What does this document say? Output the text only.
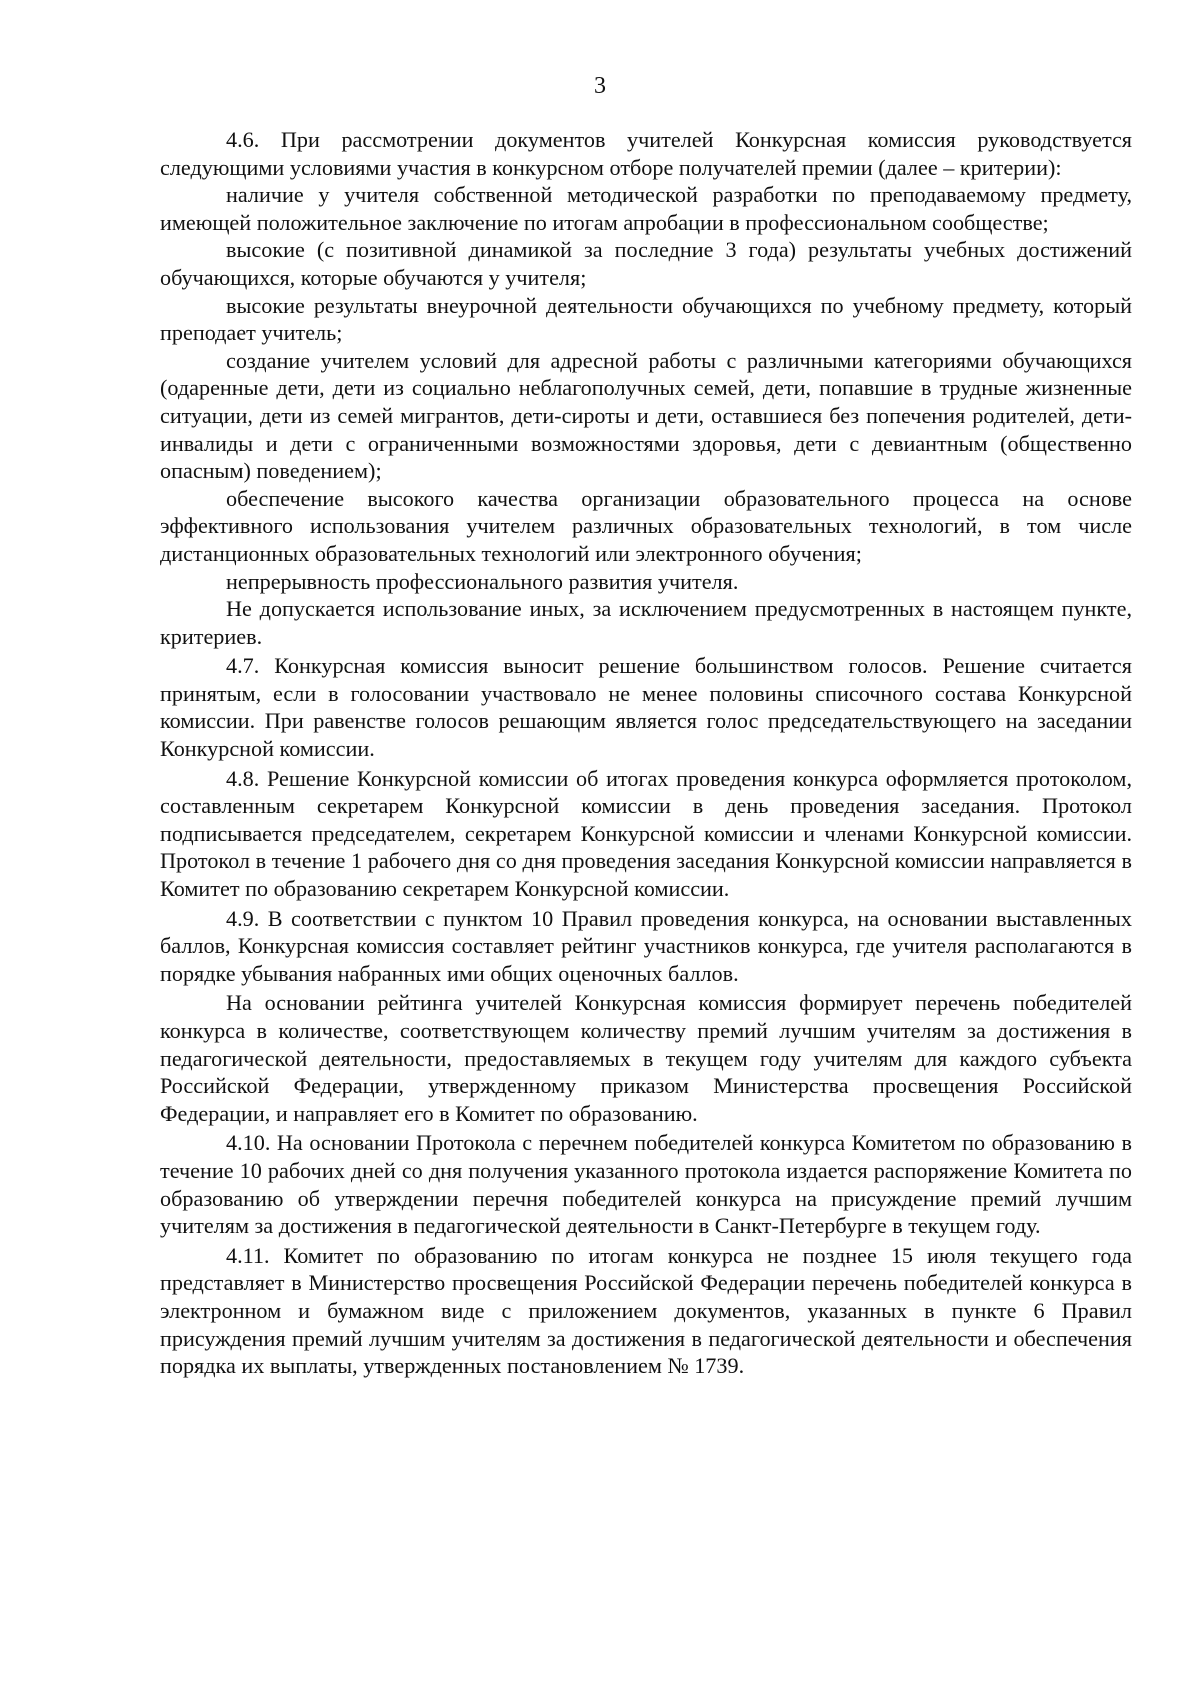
3

4.6. При рассмотрении документов учителей Конкурсная комиссия руководствуется следующими условиями участия в конкурсном отборе получателей премии (далее – критерии):

наличие у учителя собственной методической разработки по преподаваемому предмету, имеющей положительное заключение по итогам апробации в профессиональном сообществе;

высокие (с позитивной динамикой за последние 3 года) результаты учебных достижений обучающихся, которые обучаются у учителя;

высокие результаты внеурочной деятельности обучающихся по учебному предмету, который преподает учитель;

создание учителем условий для адресной работы с различными категориями обучающихся (одаренные дети, дети из социально неблагополучных семей, дети, попавшие в трудные жизненные ситуации, дети из семей мигрантов, дети-сироты и дети, оставшиеся без попечения родителей, дети-инвалиды и дети с ограниченными возможностями здоровья, дети с девиантным (общественно опасным) поведением);

обеспечение высокого качества организации образовательного процесса на основе эффективного использования учителем различных образовательных технологий, в том числе дистанционных образовательных технологий или электронного обучения;

непрерывность профессионального развития учителя.

Не допускается использование иных, за исключением предусмотренных в настоящем пункте, критериев.

4.7. Конкурсная комиссия выносит решение большинством голосов. Решение считается принятым, если в голосовании участвовало не менее половины списочного состава Конкурсной комиссии. При равенстве голосов решающим является голос председательствующего на заседании Конкурсной комиссии.

4.8. Решение Конкурсной комиссии об итогах проведения конкурса оформляется протоколом, составленным секретарем Конкурсной комиссии в день проведения заседания. Протокол подписывается председателем, секретарем Конкурсной комиссии и членами Конкурсной комиссии. Протокол в течение 1 рабочего дня со дня проведения заседания Конкурсной комиссии направляется в Комитет по образованию секретарем Конкурсной комиссии.

4.9. В соответствии с пунктом 10 Правил проведения конкурса, на основании выставленных баллов, Конкурсная комиссия составляет рейтинг участников конкурса, где учителя располагаются в порядке убывания набранных ими общих оценочных баллов.

На основании рейтинга учителей Конкурсная комиссия формирует перечень победителей конкурса в количестве, соответствующем количеству премий лучшим учителям за достижения в педагогической деятельности, предоставляемых в текущем году учителям для каждого субъекта Российской Федерации, утвержденному приказом Министерства просвещения Российской Федерации, и направляет его в Комитет по образованию.

4.10. На основании Протокола с перечнем победителей конкурса Комитетом по образованию в течение 10 рабочих дней со дня получения указанного протокола издается распоряжение Комитета по образованию об утверждении перечня победителей конкурса на присуждение премий лучшим учителям за достижения в педагогической деятельности в Санкт-Петербурге в текущем году.

4.11. Комитет по образованию по итогам конкурса не позднее 15 июля текущего года представляет в Министерство просвещения Российской Федерации перечень победителей конкурса в электронном и бумажном виде с приложением документов, указанных в пункте 6 Правил присуждения премий лучшим учителям за достижения в педагогической деятельности и обеспечения порядка их выплаты, утвержденных постановлением № 1739.
